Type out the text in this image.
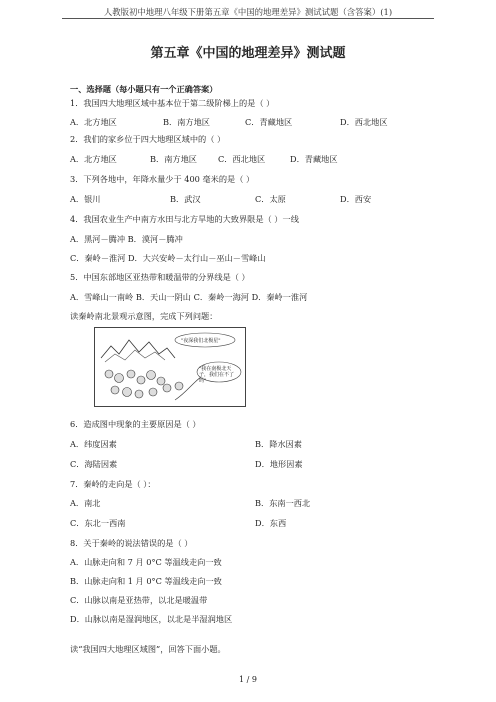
人教版初中地理八年级下册第五章《中国的地理差异》测试试题（含答案）(1)
第五章《中国的地理差异》测试题
一、选择题（每小题只有一个正确答案）
1．我国四大地理区域中基本位于第二级阶梯上的是（ ）
A．北方地区	B．南方地区	C．青藏地区	D．西北地区
2．我们的家乡位于四大地理区域中的（ ）
A．北方地区	B．南方地区	C．西北地区	D．青藏地区
3．下列各地中，年降水量少于 400 毫米的是（ ）
A．银川	B．武汉	C．太原	D．西安
4．我国农业生产中南方水田与北方旱地的大致界限是（ ）一线
A．黑河－腾冲 B．漠河－腾冲
C．秦岭－淮河 D．大兴安岭－太行山－巫山－雪峰山
5．中国东部地区亚热带和暖温带的分界线是（ ）
A．雪峰山一南岭 B．天山一阴山 C．秦岭一海河 D．秦岭一淮河
读秦岭南北景观示意图，完成下列问题：
"夜深我们北极星"
"我在南极北天子，我们在不了吗"
6．造成图中现象的主要原因是（ ）
A．纬度因素	B．降水因素
C．海陆因素	D．地形因素
7．秦岭的走向是（ ）：
A．南北	B．东南一西北
C．东北一西南	D．东西
8．关于秦岭的说法错误的是（ ）
A．山脉走向和 7 月 0°C 等温线走向一致
B．山脉走向和 1 月 0°C 等温线走向一致
C．山脉以南是亚热带，以北是暖温带
D．山脉以南是湿润地区，以北是半湿润地区
读“我国四大地理区域图”，回答下面小题。
1 / 9
